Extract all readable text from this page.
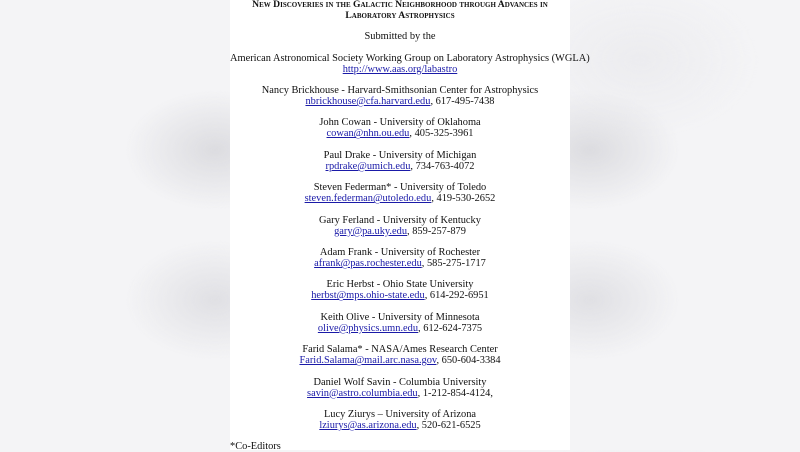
New Discoveries in the Galactic Neighborhood through Advances in
Laboratory Astrophysics
Submitted by the
American Astronomical Society Working Group on Laboratory Astrophysics (WGLA)
http://www.aas.org/labastro
Nancy Brickhouse - Harvard-Smithsonian Center for Astrophysics
nbrickhouse@cfa.harvard.edu, 617-495-7438
John Cowan - University of Oklahoma
cowan@nhn.ou.edu, 405-325-3961
Paul Drake - University of Michigan
rpdrake@umich.edu, 734-763-4072
Steven Federman* - University of Toledo
steven.federman@utoledo.edu, 419-530-2652
Gary Ferland - University of Kentucky
gary@pa.uky.edu, 859-257-879
Adam Frank - University of Rochester
afrank@pas.rochester.edu, 585-275-1717
Eric Herbst - Ohio State University
herbst@mps.ohio-state.edu, 614-292-6951
Keith Olive - University of Minnesota
olive@physics.umn.edu, 612-624-7375
Farid Salama* - NASA/Ames Research Center
Farid.Salama@mail.arc.nasa.gov, 650-604-3384
Daniel Wolf Savin - Columbia University
savin@astro.columbia.edu, 1-212-854-4124,
Lucy Ziurys – University of Arizona
lziurys@as.arizona.edu, 520-621-6525
*Co-Editors
